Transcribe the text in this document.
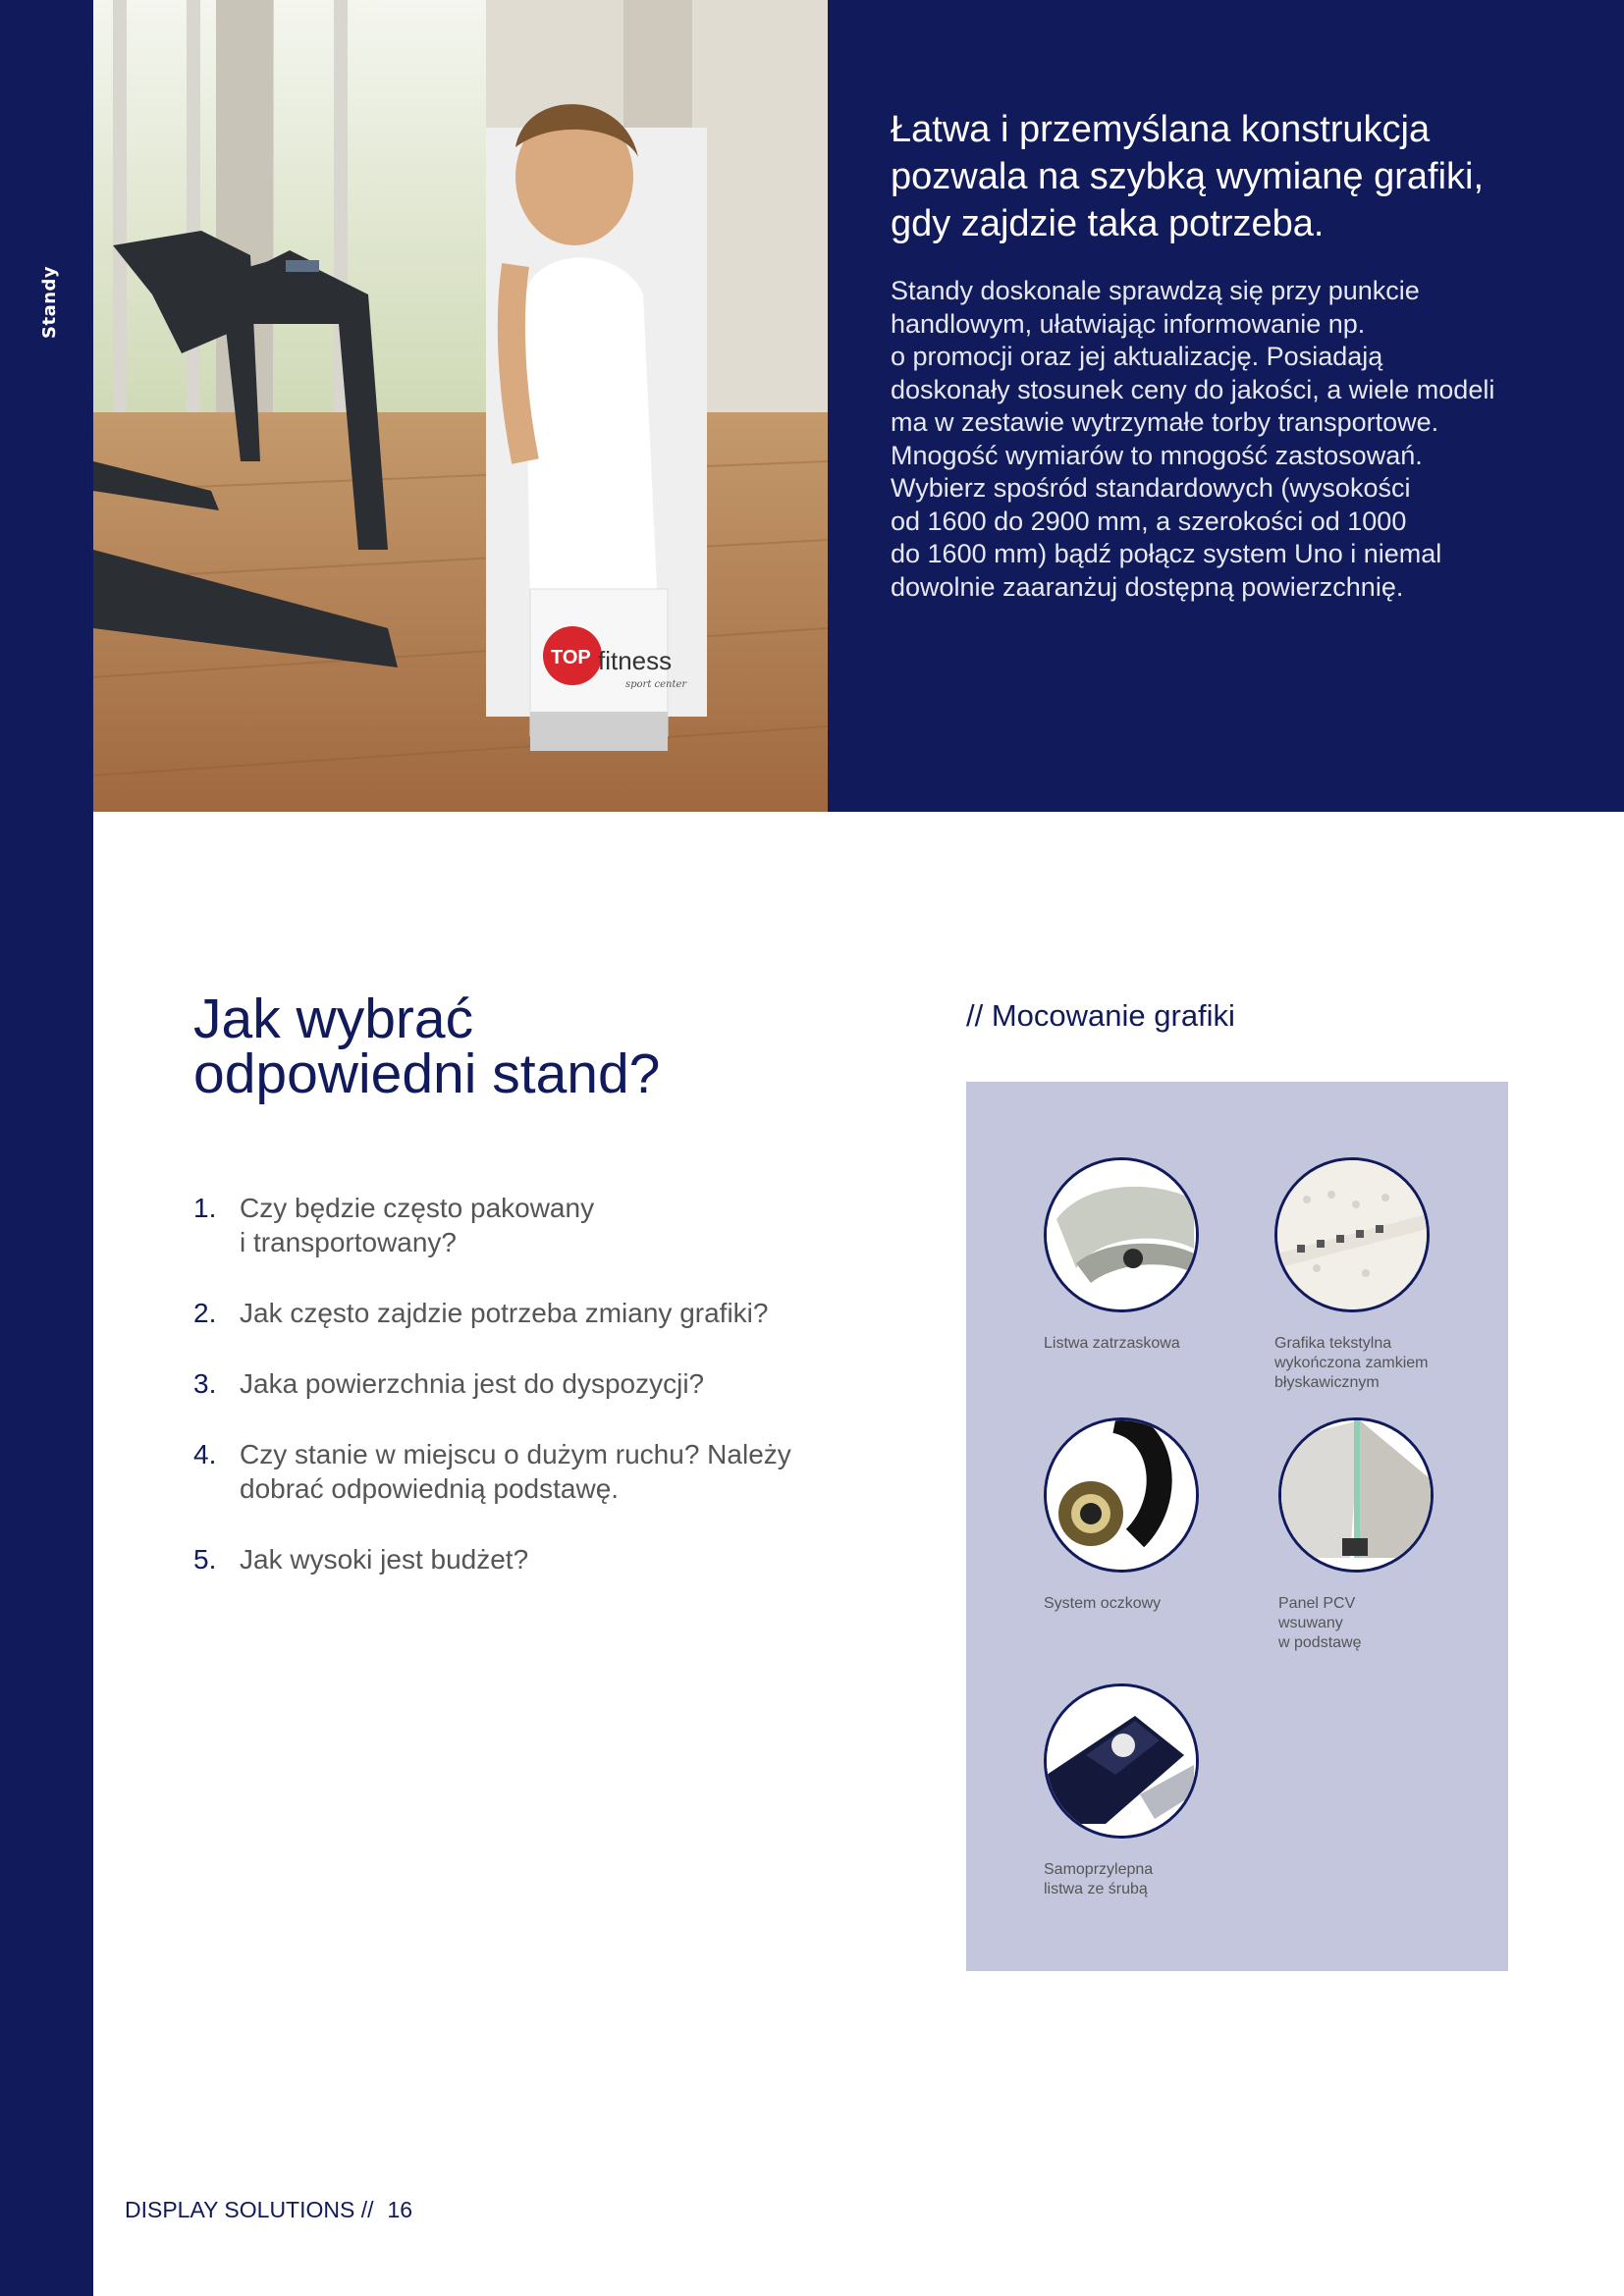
Standy
TOP fitness
sport center
Łatwa i przemyślana konstrukcja
pozwala na szybką wymianę grafiki,
gdy zajdzie taka potrzeba.

Standy doskonale sprawdzą się przy punkcie
handlowym, ułatwiając informowanie np.
o promocji oraz jej aktualizację. Posiadają
doskonały stosunek ceny do jakości, a wiele modeli
ma w zestawie wytrzymałe torby transportowe.
Mnogość wymiarów to mnogość zastosowań.
Wybierz spośród standardowych (wysokości
od 1600 do 2900 mm, a szerokości od 1000
do 1600 mm) bądź połącz system Uno i niemal
dowolnie zaaranżuj dostępną powierzchnię.

Jak wybrać
odpowiedni stand?
1. Czy będzie często pakowany
i transportowany?
2. Jak często zajdzie potrzeba zmiany grafiki?
3. Jaka powierzchnia jest do dyspozycji?
4. Czy stanie w miejscu o dużym ruchu? Należy
dobrać odpowiednią podstawę.
5. Jak wysoki jest budżet?
// Mocowanie grafiki
Listwa zatrzaskowa	Grafika tekstylna
wykończona zamkiem
błyskawicznym
System oczkowy	Panel PCV
wsuwany
w podstawę
Samoprzylepna
listwa ze śrubą
DISPLAY SOLUTIONS // 16
